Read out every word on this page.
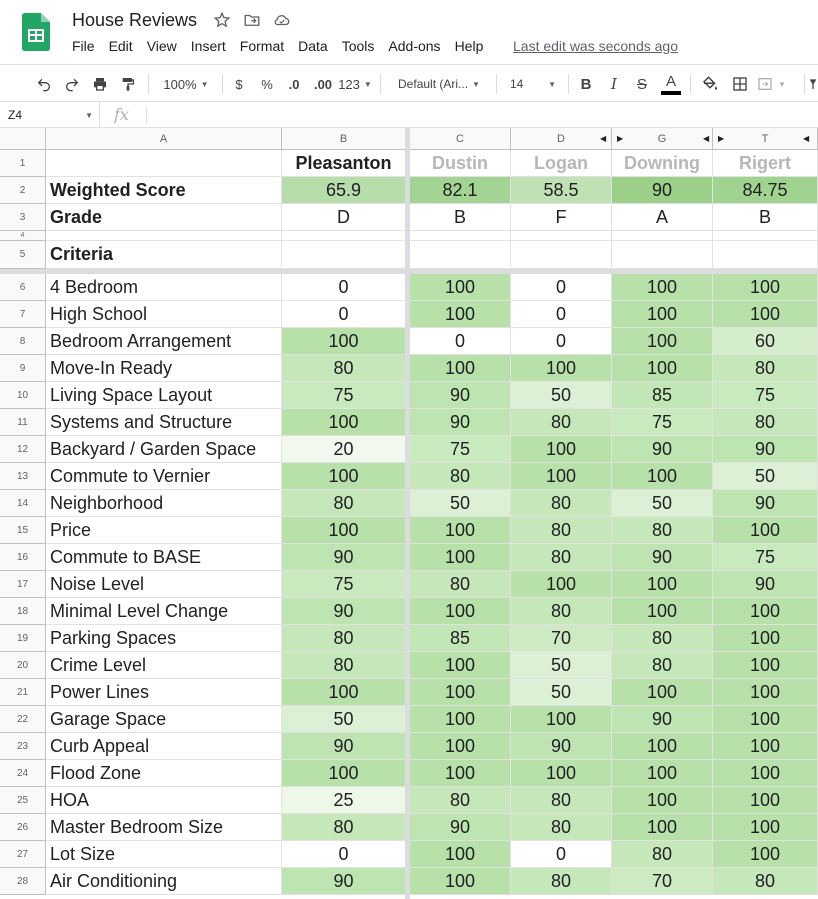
House Reviews
File Edit View Insert Format Data Tools Add-ons Help Last edit was seconds ago
100% ▼	$	%	.0	.00 123 ▼ Default (Ari... ▼	14	▼	B	I	S	A	▼
Z4	▼ fx
A	B	C	D	G	T
◀ ▶	◀ ▶	◀
1
2
3
4
5
6
7
8
9
10
11
12
13
14
15
16
17
18
19
20
21
22
23
24
25
26
27
28
Pleasanton	Dustin	Logan	Downing	Rigert
Weighted Score	65.9	82.1	58.5	90	84.75
Grade	D	B	F	A	B
Criteria
4 Bedroom	0	100	0	100	100
High School	0	100	0	100	100
Bedroom Arrangement	100	0	0	100	60
Move-In Ready	80	100	100	100	80
Living Space Layout	75	90	50	85	75
Systems and Structure	100	90	80	75	80
Backyard / Garden Space	20	75	100	90	90
Commute to Vernier	100	80	100	100	50
Neighborhood	80	50	80	50	90
Price	100	100	80	80	100
Commute to BASE	90	100	80	90	75
Noise Level	75	80	100	100	90
Minimal Level Change	90	100	80	100	100
Parking Spaces	80	85	70	80	100
Crime Level	80	100	50	80	100
Power Lines	100	100	50	100	100
Garage Space	50	100	100	90	100
Curb Appeal	90	100	90	100	100
Flood Zone	100	100	100	100	100
HOA	25	80	80	100	100
Master Bedroom Size	80	90	80	100	100
Lot Size	0	100	0	80	100
Air Conditioning	90	100	80	70	80
